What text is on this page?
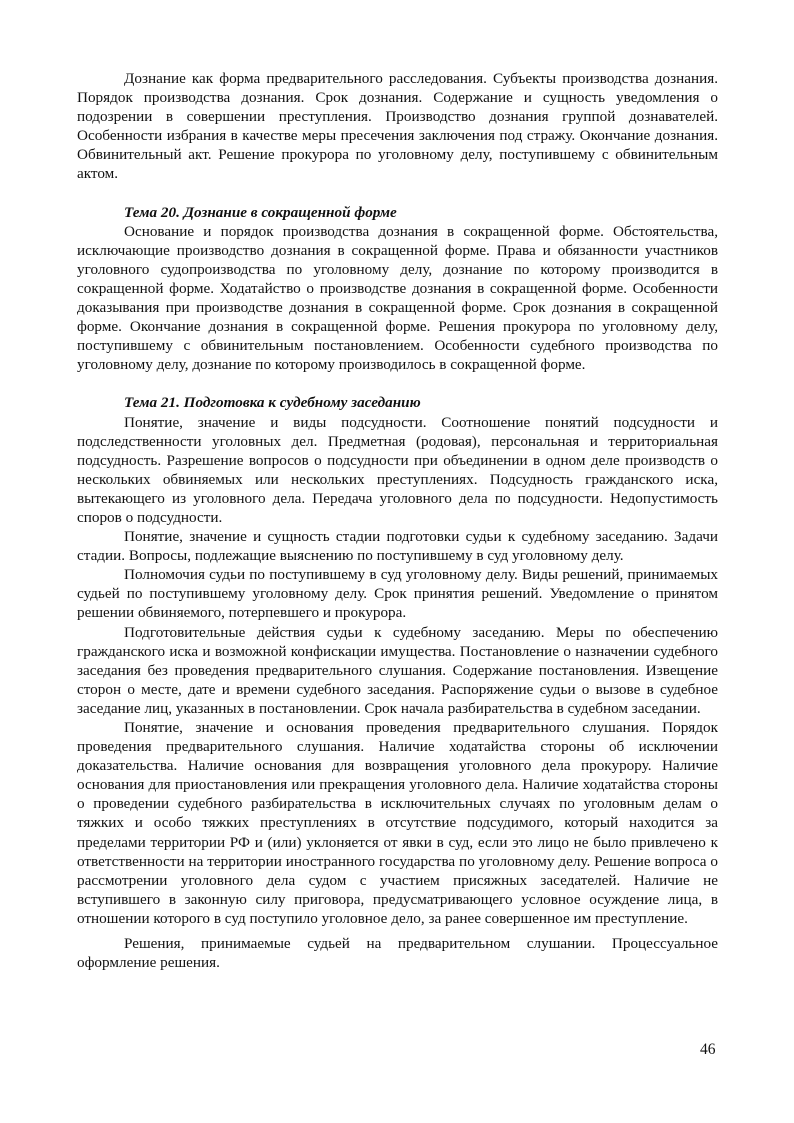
Дознание как форма предварительного расследования. Субъекты производства дознания. Порядок производства дознания. Срок дознания. Содержание и сущность уведомления о подозрении в совершении преступления. Производство дознания группой дознавателей. Особенности избрания в качестве меры пресечения заключения под стражу. Окончание дознания. Обвинительный акт. Решение прокурора по уголовному делу, поступившему с обвинительным актом.

Тема 20. Дознание в сокращенной форме

Основание и порядок производства дознания в сокращенной форме. Обстоятельства, исключающие производство дознания в сокращенной форме. Права и обязанности участников уголовного судопроизводства по уголовному делу, дознание по которому производится в сокращенной форме. Ходатайство о производстве дознания в сокращенной форме. Особенности доказывания при производстве дознания в сокращенной форме. Срок дознания в сокращенной форме. Окончание дознания в сокращенной форме. Решения прокурора по уголовному делу, поступившему с обвинительным постановлением. Особенности судебного производства по уголовному делу, дознание по которому производилось в сокращенной форме.

Тема 21. Подготовка к судебному заседанию

Понятие, значение и виды подсудности. Соотношение понятий подсудности и подследственности уголовных дел. Предметная (родовая), персональная и территориальная подсудность. Разрешение вопросов о подсудности при объединении в одном деле производств о нескольких обвиняемых или нескольких преступлениях. Подсудность гражданского иска, вытекающего из уголовного дела. Передача уголовного дела по подсудности. Недопустимость споров о подсудности.

Понятие, значение и сущность стадии подготовки судьи к судебному заседанию. Задачи стадии. Вопросы, подлежащие выяснению по поступившему в суд уголовному делу.

Полномочия судьи по поступившему в суд уголовному делу. Виды решений, принимаемых судьей по поступившему уголовному делу. Срок принятия решений. Уведомление о принятом решении обвиняемого, потерпевшего и прокурора.

Подготовительные действия судьи к судебному заседанию. Меры по обеспечению гражданского иска и возможной конфискации имущества. Постановление о назначении судебного заседания без проведения предварительного слушания. Содержание постановления. Извещение сторон о месте, дате и времени судебного заседания. Распоряжение судьи о вызове в судебное заседание лиц, указанных в постановлении. Срок начала разбирательства в судебном заседании.

Понятие, значение и основания проведения предварительного слушания. Порядок проведения предварительного слушания. Наличие ходатайства стороны об исключении доказательства. Наличие основания для возвращения уголовного дела прокурору. Наличие основания для приостановления или прекращения уголовного дела. Наличие ходатайства стороны о проведении судебного разбирательства в исключительных случаях по уголовным делам о тяжких и особо тяжких преступлениях в отсутствие подсудимого, который находится за пределами территории РФ и (или) уклоняется от явки в суд, если это лицо не было привлечено к ответственности на территории иностранного государства по уголовному делу. Решение вопроса о рассмотрении уголовного дела судом с участием присяжных заседателей. Наличие не вступившего в законную силу приговора, предусматривающего условное осуждение лица, в отношении которого в суд поступило уголовное дело, за ранее совершенное им преступление.

Решения, принимаемые судьей на предварительном слушании. Процессуальное оформление решения.

46
